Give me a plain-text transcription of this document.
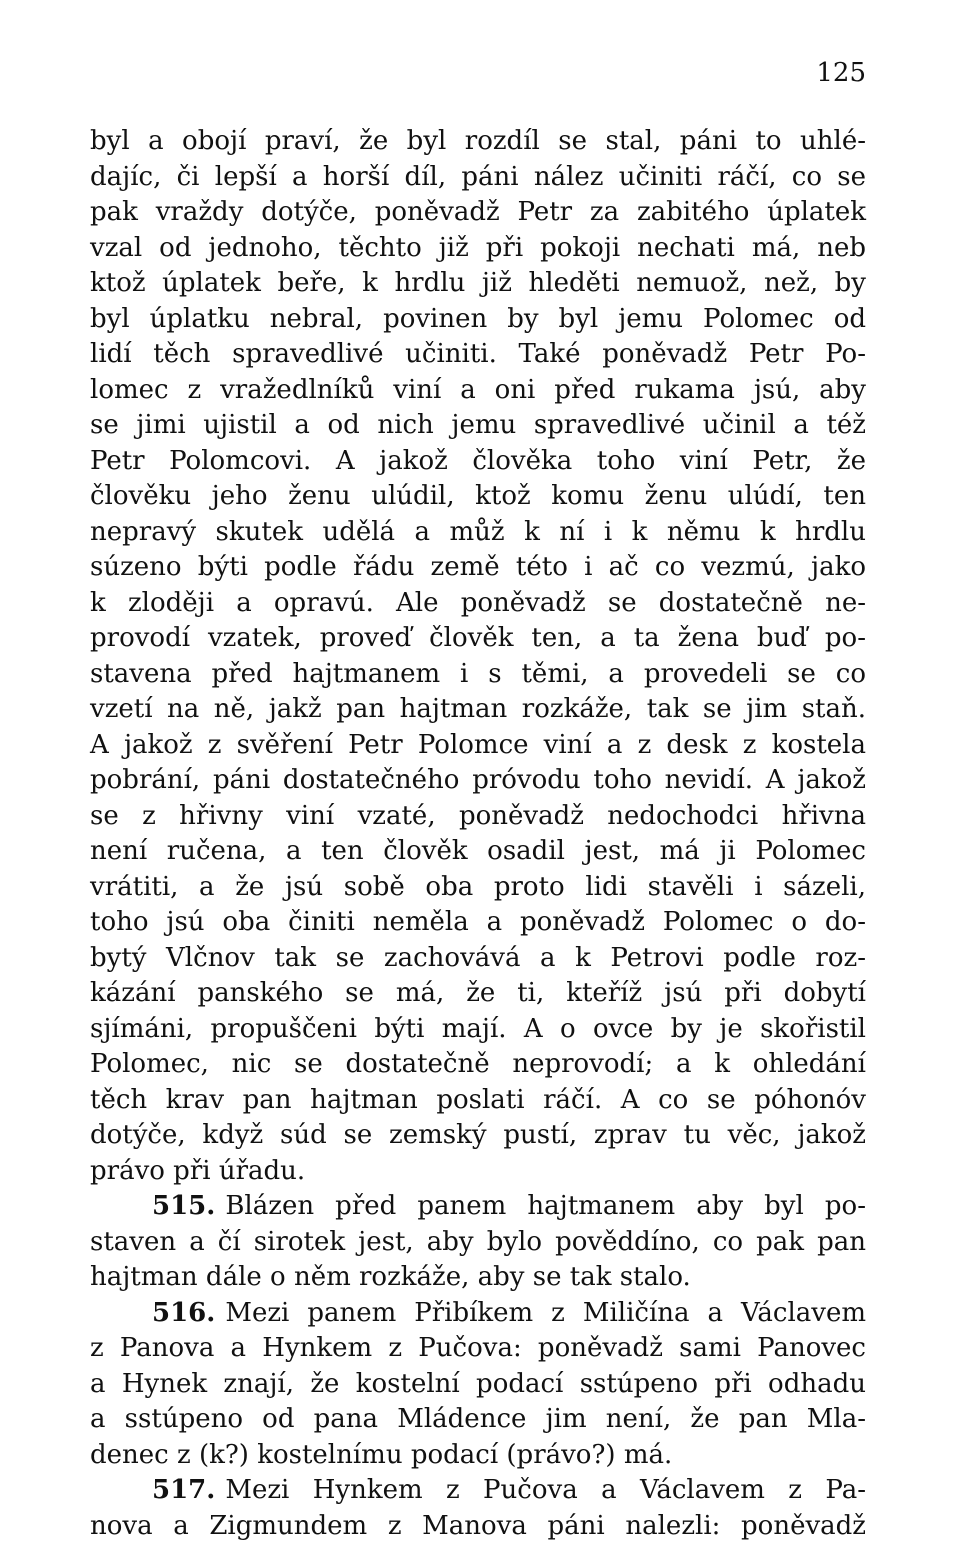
125
byl a obojí praví, že byl rozdíl se stal, páni to uhlé-
dajíc, či lepší a horší díl, páni nález učiniti ráčí, co se
pak vraždy dotýče, poněvadž Petr za zabitého úplatek
vzal od jednoho, těchto již při pokoji nechati má, neb
ktož úplatek beře, k hrdlu již hleděti nemuož, než, by
byl úplatku nebral, povinen by byl jemu Polomec od
lidí těch spravedlivé učiniti. Také poněvadž Petr Po-
lomec z vražedlníků viní a oni před rukama jsú, aby
se jimi ujistil a od nich jemu spravedlivé učinil a též
Petr Polomcovi. A jakož člověka toho viní Petr, že
člověku jeho ženu ulúdil, ktož komu ženu ulúdí, ten
nepravý skutek udělá a můž k ní i k němu k hrdlu
súzeno býti podle řádu země této i ač co vezmú, jako
k zloději a opravú. Ale poněvadž se dostatečně ne-
provodí vzatek, proveď člověk ten, a ta žena buď po-
stavena před hajtmanem i s těmi, a provedeli se co
vzetí na ně, jakž pan hajtman rozkáže, tak se jim staň.
A jakož z svěření Petr Polomce viní a z desk z kostela
pobrání, páni dostatečného próvodu toho nevidí. A jakož
se z hřivny viní vzaté, poněvadž nedochodci hřivna
není ručena, a ten člověk osadil jest, má ji Polomec
vrátiti, a že jsú sobě oba proto lidi stavěli i sázeli,
toho jsú oba činiti neměla a poněvadž Polomec o do-
bytý Vlčnov tak se zachovává a k Petrovi podle roz-
kázání panského se má, že ti, kteříž jsú při dobytí
sjímáni, propuščeni býti mají. A o ovce by je skořistil
Polomec, nic se dostatečně neprovodí; a k ohledání
těch krav pan hajtman poslati ráčí. A co se póhonóv
dotýče, když súd se zemský pustí, zprav tu věc, jakož
právo při úřadu.
515. Blázen před panem hajtmanem aby byl po-
staven a čí sirotek jest, aby bylo pověddíno, co pak pan
hajtman dále o něm rozkáže, aby se tak stalo.
516. Mezi panem Přibíkem z Miličína a Václavem
z Panova a Hynkem z Pučova: poněvadž sami Panovec
a Hynek znají, že kostelní podací sstúpeno při odhadu
a sstúpeno od pana Mládence jim není, že pan Mla-
denec z (k?) kostelnímu podací (právo?) má.
517. Mezi Hynkem z Pučova a Václavem z Pa-
nova a Zigmundem z Manova páni nalezli: poněvadž
